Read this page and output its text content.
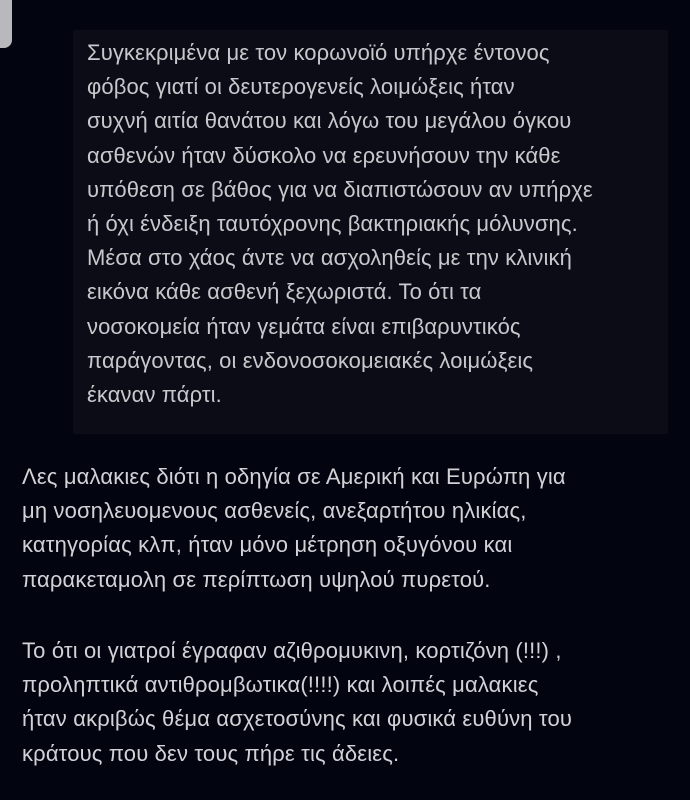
Συγκεκριμένα με τον κορωνοϊό υπήρχε έντονος
φόβος γιατί οι δευτερογενείς λοιμώξεις ήταν
συχνή αιτία θανάτου και λόγω του μεγάλου όγκου
ασθενών ήταν δύσκολο να ερευνήσουν την κάθε
υπόθεση σε βάθος για να διαπιστώσουν αν υπήρχε
ή όχι ένδειξη ταυτόχρονης βακτηριακής μόλυνσης.
Μέσα στο χάος άντε να ασχοληθείς με την κλινική
εικόνα κάθε ασθενή ξεχωριστά. Το ότι τα
νοσοκομεία ήταν γεμάτα είναι επιβαρυντικός
παράγοντας, οι ενδονοσοκομειακές λοιμώξεις
έκαναν πάρτι.
Λες μαλακιες διότι η οδηγία σε Αμερική και Ευρώπη για
μη νοσηλευομενους ασθενείς, ανεξαρτήτου ηλικίας,
κατηγορίας κλπ, ήταν μόνο μέτρηση οξυγόνου και
παρακεταμολη σε περίπτωση υψηλού πυρετού.
Το ότι οι γιατροί έγραφαν αζιθρομυκινη, κορτιζόνη (!!!) ,
προληπτικά αντιθρομβωτικα(!!!!) και λοιπές μαλακιες
ήταν ακριβώς θέμα ασχετοσύνης και φυσικά ευθύνη του
κράτους που δεν τους πήρε τις άδειες.
